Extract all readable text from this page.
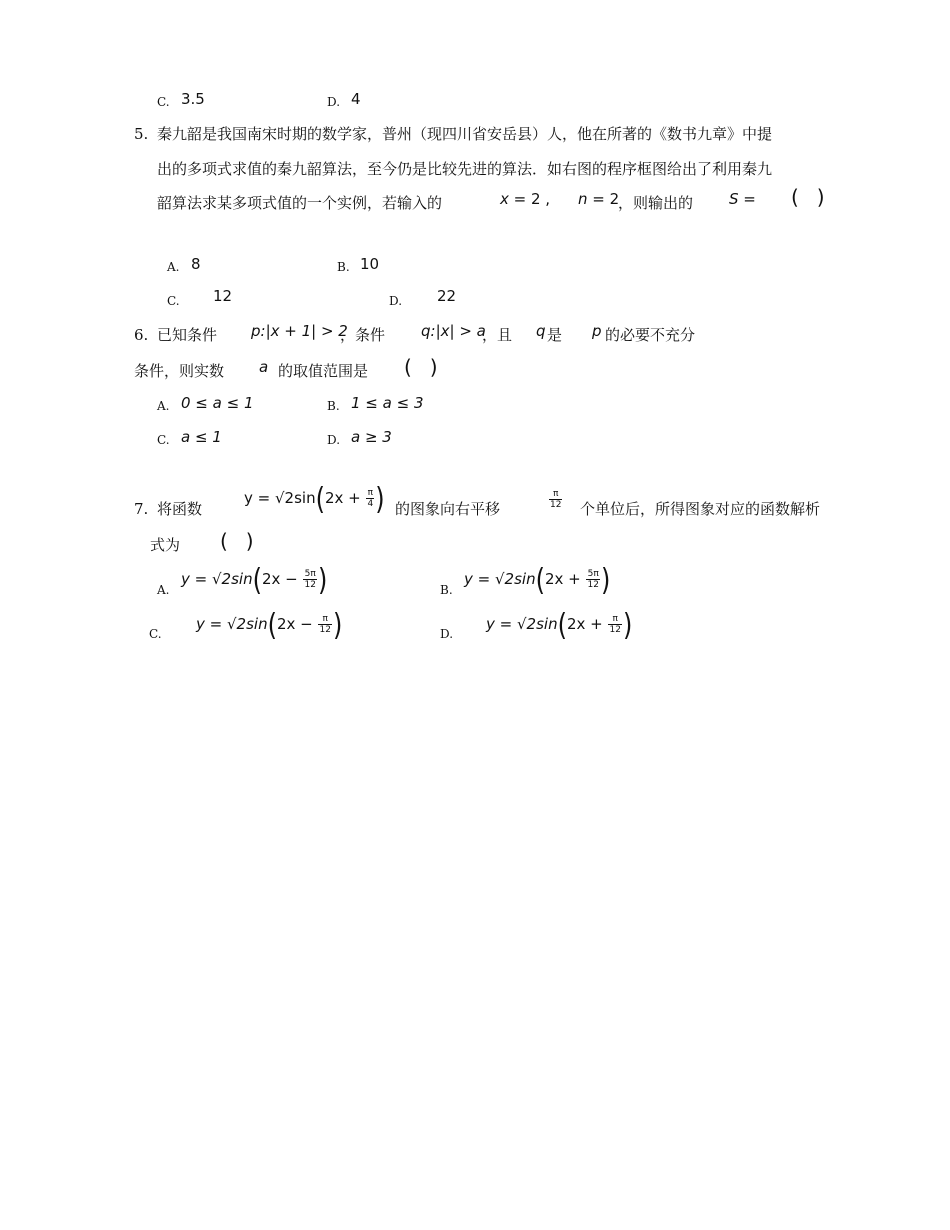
C. 3.5	D. 4
5. 秦九韶是我国南宋时期的数学家，普州（现四川省安岳县）人，他在所著的《数书九章》中提
出的多项式求值的秦九韶算法，至今仍是比较先进的算法．如右图的程序框图给出了利用秦九
韶算法求某多项式值的一个实例，若输入的	x = 2 , n = 2
，则输出的 S = ()
A. 8	B. 10
C. 12	D. 22
6. 已知条件 p:|x + 1| > 2
，条件 q:|x| > a
，且 q 是 p 的必要不充分
条件，则实数 a 的取值范围是 ()
A. 0 ≤ a ≤ 1	B. 1 ≤ a ≤ 3
C. a ≤ 1	D. a ≥ 3
7. 将函数
$y = √2\sin(2x + \frac{\pi}{4}$ ) 的图象向右平移	$\frac{\pi}{12}$ 个单位后，所得图象对应的函数解析
式为 ()
A.
$y = √2\sin(2x - \frac{5\pi}{12}$ )	B.
$y = √2\sin(2x + \frac{5\pi}{12}$ )
C.
$y = √2\sin(2x - \frac{\pi}{12}$ )	D.
$y = √2\sin(2x + \frac{\pi}{12}$ )
